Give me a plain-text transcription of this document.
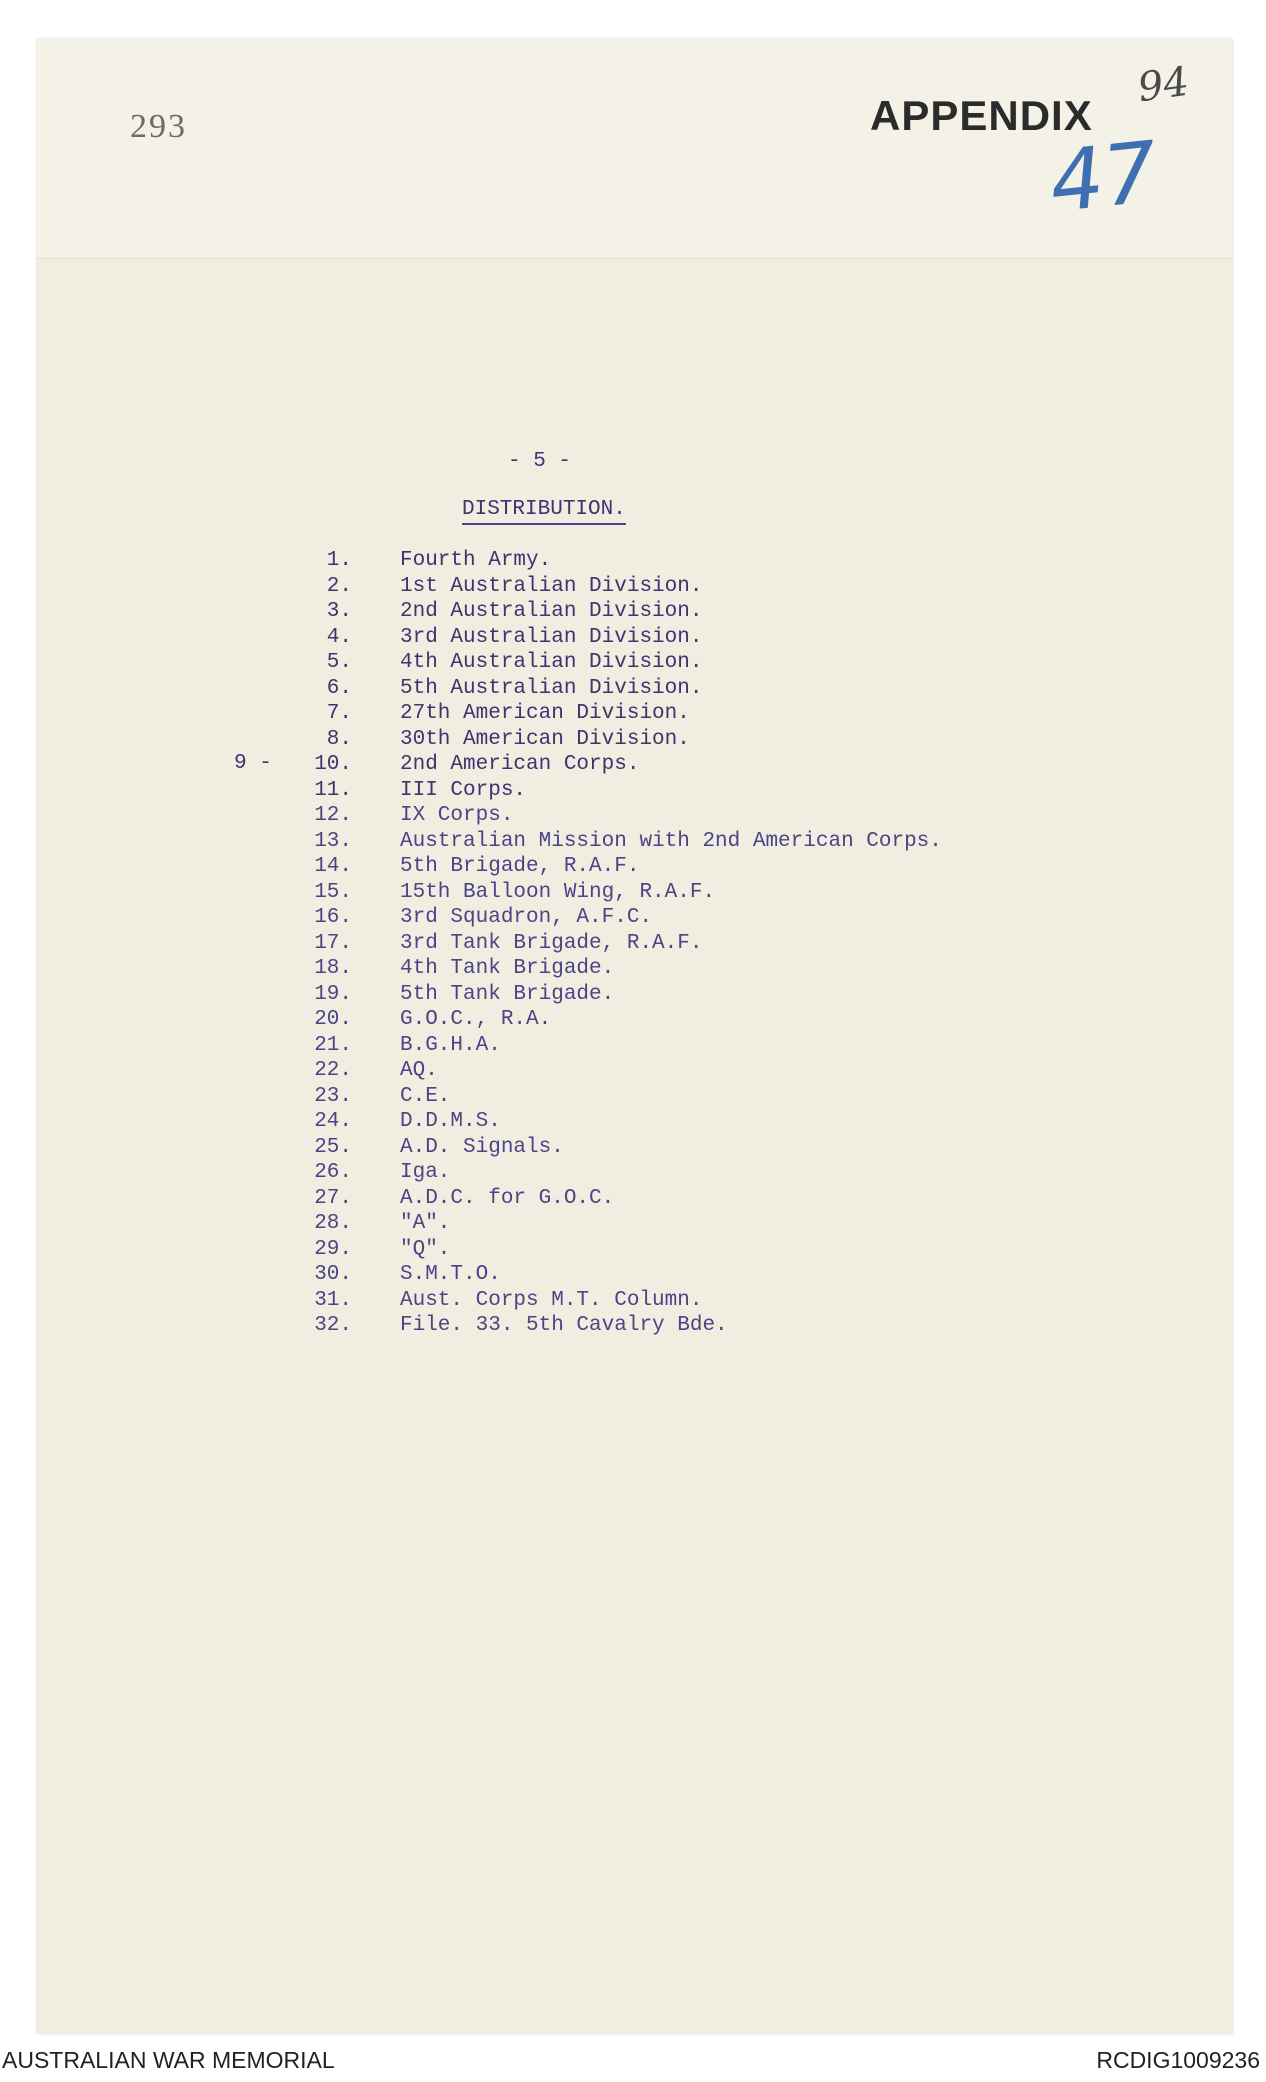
293	APPENDIX
94
47
- 5 -
DISTRIBUTION.
1. Fourth Army.
2. 1st Australian Division.
3. 2nd Australian Division.
4. 3rd Australian Division.
5. 4th Australian Division.
6. 5th Australian Division.
7. 27th American Division.
8. 30th American Division.
10. 2nd American Corps.
11. III Corps.
12. IX Corps.
13. Australian Mission with 2nd American Corps.
14. 5th Brigade, R.A.F.
15. 15th Balloon Wing, R.A.F.
16. 3rd Squadron, A.F.C.
17. 3rd Tank Brigade, R.A.F.
18. 4th Tank Brigade.
19. 5th Tank Brigade.
20. G.O.C., R.A.
21. B.G.H.A.
22. AQ.
23. C.E.
24. D.D.M.S.
25. A.D. Signals.
26. Iga.
27. A.D.C. for G.O.C.
28. "A".
29. "Q".
30. S.M.T.O.
31. Aust. Corps M.T. Column.
32. File. 33. 5th Cavalry Bde.
9 -
AUSTRALIAN WAR MEMORIAL	RCDIG1009236
